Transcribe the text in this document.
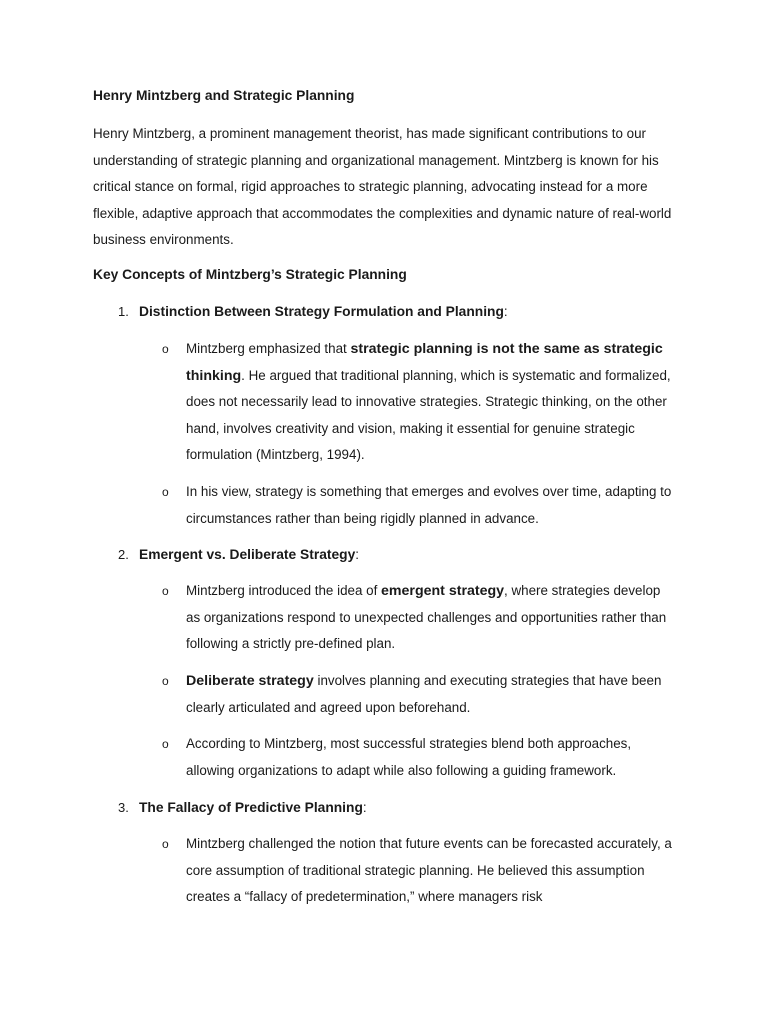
Henry Mintzberg and Strategic Planning

Henry Mintzberg, a prominent management theorist, has made significant contributions to our understanding of strategic planning and organizational management. Mintzberg is known for his critical stance on formal, rigid approaches to strategic planning, advocating instead for a more flexible, adaptive approach that accommodates the complexities and dynamic nature of real-world business environments.

Key Concepts of Mintzberg’s Strategic Planning
1. Distinction Between Strategy Formulation and Planning:
o Mintzberg emphasized that strategic planning is not the same as strategic thinking. He argued that traditional planning, which is systematic and formalized, does not necessarily lead to innovative strategies. Strategic thinking, on the other hand, involves creativity and vision, making it essential for genuine strategic formulation (Mintzberg, 1994).

o In his view, strategy is something that emerges and evolves over time, adapting to circumstances rather than being rigidly planned in advance.

2. Emergent vs. Deliberate Strategy:
o Mintzberg introduced the idea of emergent strategy, where strategies develop as organizations respond to unexpected challenges and opportunities rather than following a strictly pre-defined plan.

o Deliberate strategy involves planning and executing strategies that have been clearly articulated and agreed upon beforehand.

o According to Mintzberg, most successful strategies blend both approaches, allowing organizations to adapt while also following a guiding framework.

3. The Fallacy of Predictive Planning:
o Mintzberg challenged the notion that future events can be forecasted accurately, a core assumption of traditional strategic planning. He believed this assumption creates a “fallacy of predetermination,” where managers risk
